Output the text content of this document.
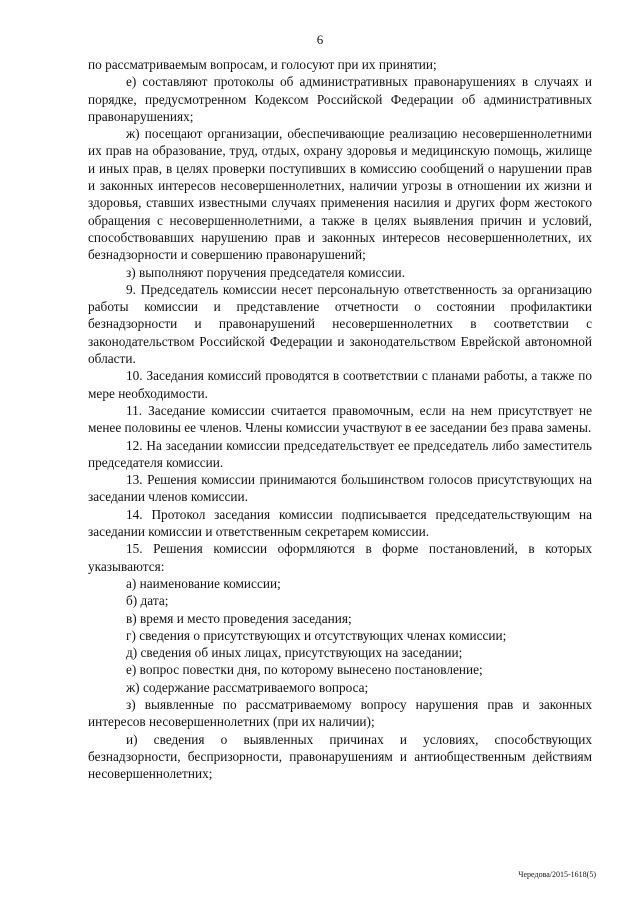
6

по рассматриваемым вопросам, и голосуют при их принятии;

е) составляют протоколы об административных правонарушениях в случаях и порядке, предусмотренном Кодексом Российской Федерации об административных правонарушениях;

ж) посещают организации, обеспечивающие реализацию несовершеннолетними их прав на образование, труд, отдых, охрану здоровья и медицинскую помощь, жилище и иных прав, в целях проверки поступивших в комиссию сообщений о нарушении прав и законных интересов несовершеннолетних, наличии угрозы в отношении их жизни и здоровья, ставших известными случаях применения насилия и других форм жестокого обращения с несовершеннолетними, а также в целях выявления причин и условий, способствовавших нарушению прав и законных интересов несовершеннолетних, их безнадзорности и совершению правонарушений;

з) выполняют поручения председателя комиссии.

9. Председатель комиссии несет персональную ответственность за организацию работы комиссии и представление отчетности о состоянии профилактики безнадзорности и правонарушений несовершеннолетних в соответствии с законодательством Российской Федерации и законодательством Еврейской автономной области.

10. Заседания комиссий проводятся в соответствии с планами работы, а также по мере необходимости.

11. Заседание комиссии считается правомочным, если на нем присутствует не менее половины ее членов. Члены комиссии участвуют в ее заседании без права замены.

12. На заседании комиссии председательствует ее председатель либо заместитель председателя комиссии.

13. Решения комиссии принимаются большинством голосов присутствующих на заседании членов комиссии.

14. Протокол заседания комиссии подписывается председательствующим на заседании комиссии и ответственным секретарем комиссии.

15. Решения комиссии оформляются в форме постановлений, в которых указываются:

а) наименование комиссии;

б) дата;

в) время и место проведения заседания;

г) сведения о присутствующих и отсутствующих членах комиссии;

д) сведения об иных лицах, присутствующих на заседании;

е) вопрос повестки дня, по которому вынесено постановление;

ж) содержание рассматриваемого вопроса;

з) выявленные по рассматриваемому вопросу нарушения прав и законных интересов несовершеннолетних (при их наличии);

и) сведения о выявленных причинах и условиях, способствующих безнадзорности, беспризорности, правонарушениям и антиобщественным действиям несовершеннолетних;

Чередова/2015-1618(5)
